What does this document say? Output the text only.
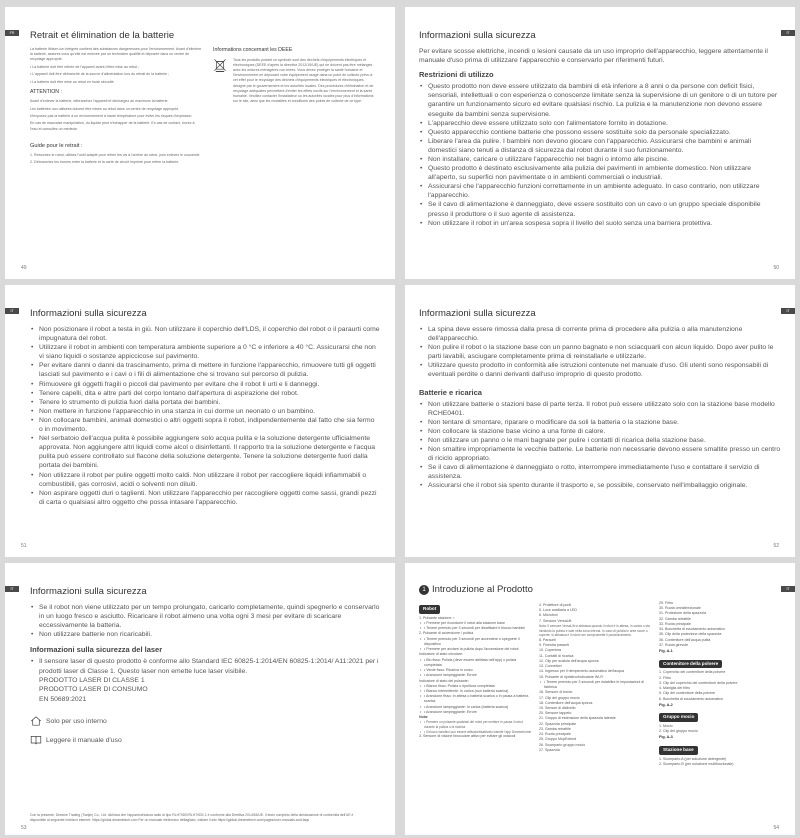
FR	Retrait et élimination de la batterie

La batterie lithium-ion intégrée contient des substances dangereuses pour l'environnement. Avant d'éliminer la batterie, assurez-vous qu'elle est enlevée par un technicien qualifié et déposée dans un centre de recyclage approprié.

• La batterie doit être retirée de l'appareil avant d'être mise au rebut ;

• L'appareil doit être débranché de la source d'alimentation lors du retrait de la batterie ;

• La batterie doit être mise au rebut en toute sécurité.

ATTENTION :

Avant d'enlever la batterie, débranchez l'appareil et déchargez au maximum la batterie.

Les batteries non utilisées doivent être mises au rebut dans un centre de recyclage approprié.

N'exposez pas la batterie à un environnement à haute température pour éviter les risques d'explosion.

En cas de mauvaise manipulation, du liquide peut s'échapper de la batterie. En cas de contact, rincez à l'eau et consultez un médecin.

Guide pour le retrait :

1. Retournez le robot, utilisez l'outil adapté pour retirer les vis à l'arrière du robot, puis enlevez le couvercle.

2. Débranchez les bornes entre la batterie et la carte de circuit imprimé pour retirer la batterie.

Informations concernant les DEEE

Tous les produits portant ce symbole sont des déchets d'équipements électriques et électroniques (DEEE d'après la directive 2012/19/UE) qui ne doivent pas être mélangés avec les ordures ménagères non triées. Vous devez protéger la santé humaine et l'environnement en déposant votre équipement usagé dans un point de collecte prévu à cet effet pour le recyclage des déchets d'équipements électriques et électroniques, désigné par le gouvernement et les autorités locales. Des procédures d'élimination et de recyclage adéquates permettent d'éviter les effets nocifs sur l'environnement et la santé humaine. Veuillez contacter l'installateur ou les autorités locales pour plus d'informations sur le site, ainsi que les modalités et conditions des points de collecte de ce type.

49
IT
Informazioni sulla sicurezza

Per evitare scosse elettriche, incendi o lesioni causate da un uso improprio dell'apparecchio, leggere attentamente il manuale d'uso prima di utilizzare l'apparecchio e conservarlo per riferimenti futuri.

Restrizioni di utilizzo
• Questo prodotto non deve essere utilizzato da bambini di età inferiore a 8 anni o da persone con deficit fisici, sensoriali, intellettuali o con esperienza o conoscenze limitate senza la supervisione di un genitore o di un tutore per garantire un funzionamento sicuro ed evitare qualsiasi rischio. La pulizia e la manutenzione non devono essere eseguite da bambini senza supervisione.
• L'apparecchio deve essere utilizzato solo con l'alimentatore fornito in dotazione.
• Questo apparecchio contiene batterie che possono essere sostituite solo da personale specializzato.
• Liberare l'area da pulire. I bambini non devono giocare con l'apparecchio. Assicurarsi che bambini e animali domestici siano tenuti a distanza di sicurezza dal robot durante il suo funzionamento.
• Non installare, caricare o utilizzare l'apparecchio nei bagni o intorno alle piscine.
• Questo prodotto è destinato esclusivamente alla pulizia dei pavimenti in ambiente domestico. Non utilizzare all'aperto, su superfici non pavimentate o in ambienti commerciali o industriali.
• Assicurarsi che l'apparecchio funzioni correttamente in un ambiente adeguato. In caso contrario, non utilizzare l'apparecchio.
• Se il cavo di alimentazione è danneggiato, deve essere sostituito con un cavo o un gruppo speciale disponibile presso il produttore o il suo agente di assistenza.
• Non utilizzare il robot in un'area sospesa sopra il livello del suolo senza una barriera protettiva.
50
IT	Informazioni sulla sicurezza
• Non posizionare il robot a testa in giù. Non utilizzare il coperchio dell'LDS, il coperchio del robot o il paraurti come impugnatura del robot.
• Utilizzare il robot in ambienti con temperatura ambiente superiore a 0 °C e inferiore a 40 °C. Assicurarsi che non vi siano liquidi o sostanze appiccicose sul pavimento.
• Per evitare danni o danni da trascinamento, prima di mettere in funzione l'apparecchio, rimuovere tutti gli oggetti lasciati sul pavimento e i cavi o i fili di alimentazione che si trovano sul percorso di pulizia.
• Rimuovere gli oggetti fragili o piccoli dal pavimento per evitare che il robot li urti e li danneggi.
• Tenere capelli, dita e altre parti del corpo lontano dall'apertura di aspirazione del robot.
• Tenere lo strumento di pulizia fuori dalla portata dei bambini.
• Non mettere in funzione l'apparecchio in una stanza in cui dorme un neonato o un bambino.
• Non collocare bambini, animali domestici o altri oggetti sopra il robot, indipendentemente dal fatto che sia fermo o in movimento.
• Nel serbatoio dell'acqua pulita è possibile aggiungere solo acqua pulita e la soluzione detergente ufficialmente approvata. Non aggiungere altri liquidi come alcol o disinfettanti. Il rapporto tra la soluzione detergente e l'acqua pulita può essere controllato sul flacone della soluzione detergente. Tenere la soluzione detergente fuori dalla portata dei bambini.
• Non utilizzare il robot per pulire oggetti molto caldi. Non utilizzare il robot per raccogliere liquidi infiammabili o combustibili, gas corrosivi, acidi o solventi non diluiti.
• Non aspirare oggetti duri o taglienti. Non utilizzare l'apparecchio per raccogliere oggetti come sassi, grandi pezzi di carta o qualsiasi altro oggetto che possa intasare l'apparecchio.
51
IT
Informazioni sulla sicurezza
• La spina deve essere rimossa dalla presa di corrente prima di procedere alla pulizia o alla manutenzione dell'apparecchio.
• Non pulire il robot o la stazione base con un panno bagnato e non sciacquarli con alcun liquido. Dopo aver pulito le parti lavabili, asciugare completamente prima di reinstallarle e utilizzarle.
• Utilizzare questo prodotto in conformità alle istruzioni contenute nel manuale d'uso. Gli utenti sono responsabili di eventuali perdite o danni derivanti dall'uso improprio di questo prodotto.
Batterie e ricarica
• Non utilizzare batterie o stazioni base di parte terza. Il robot può essere utilizzato solo con la stazione base modello RCHE0401.
• Non tentare di smontare, riparare o modificare da soli la batteria o la stazione base.
• Non collocare la stazione base vicino a una fonte di calore.
• Non utilizzare un panno o le mani bagnate per pulire i contatti di ricarica della stazione base.
• Non smaltire impropriamente le vecchie batterie. Le batterie non necessarie devono essere smaltite presso un centro di riciclo appropriato.
• Se il cavo di alimentazione è danneggiato o rotto, interrompere immediatamente l'uso e contattare il servizio di assistenza.
• Assicurarsi che il robot sia spento durante il trasporto e, se possibile, conservato nell'imballaggio originale.
52
IT	Informazioni sulla sicurezza
• Se il robot non viene utilizzato per un tempo prolungato, caricarlo completamente, quindi spegnerlo e conservarlo in un luogo fresco e asciutto. Ricaricare il robot almeno una volta ogni 3 mesi per evitare di scaricare eccessivamente la batteria.
• Non utilizzare batterie non ricaricabili.
Informazioni sulla sicurezza del laser
• Il sensore laser di questo prodotto è conforme allo Standard IEC 60825-1:2014/EN 60825-1:2014/ A11:2021 per i prodotti laser di Classe 1. Questo laser non emette luce laser visibile.
PRODOTTO LASER DI CLASSE 1
PRODOTTO LASER DI CONSUMO
EN 50689:2021
Solo per uso interno
Leggere il manuale d'uso
Con la presente, Dreame Trading (Tianjin) Co., Ltd. dichiara che l'apparecchiatura radio di tipo RLH70DE/RLH70DE-1 è conforme alla Direttiva 2014/53/UE. Il testo completo della dichiarazione di conformità dell'UE è disponibile al seguente indirizzo internet: https://global.dreametech.com Per un manuale elettronico dettagliato, visitare il sito https://global.dreametech.com/pages/user-manuals-and-faqs
53
IT
1 Introduzione al Prodotto
Robot
1. Pulsante stazione ⌂
• • Premere per ricondurre il robot alla stazione base
• • Tenere premuto per 3 secondi per disattivare il blocco bambini
2. Pulsante di accensione / pulizia
• • Tenere premuto per 3 secondi per accendere o spegnere il dispositivo
• • Premere per avviare la pulizia dopo l'accensione del robot
Indicatore di stato circolare:
• • Blu fisso: Pulizia (deve essere abilitata nell'app) o pulizia completata
• • Verde fisso: Ricarica in corso
• • Arancione lampeggiante: Errore
Indicatore di stato del pulsante:
• • Bianco fisso: Pulizia o ripulitura completata
• • Bianco intermittente: In carica (non batteria scarica)
• • Arancione fisso: In attesa o batteria scarica o in pausa a batteria scarica
• • Arancione lampeggiante: In carica (batteria scarica)
• • Arancione lampeggiante: Errore
Nota:
• • Premere un pulsante qualsiasi del robot per mettere in pausa il robot durante la pulizia o la ricarica
• • Il blocco bambini può essere attivato/disattivato tramite l'app Dreamehome
3. Sensore di visione binoculare attivo per evitare gli ostacoli
4. Proiettore di punti
5. Luce ausiliaria a LED
6. Microfoni
7. Sensore VersaLift
Nota: Il sensore VersaLift si abbassa quando il robot è in attesa, in carica o sta iniziando la pulizia e sale nella zona interna. In caso di pulizia in aree scure o coperte, si abbassa e il robot non compromette il posizionamento.
8. Paraurti
9. Finestra paraurti
10. Copertura
11. Contatti di ricarica
12. Clip per scatola dell'acqua sporca
13. Connettori
14. Ingresso per il riempimento automatico dell'acqua
15. Pulsante di ripristino/indicatore Wi-Fi
• • Tenere premuto per 3 secondi per ristabilire le impostazioni di fabbrica
16. Sensore di bordo
17. Clip del gruppo mocio
18. Contenitore dell'acqua sporca
19. Sensori di dislivello
20. Sensore tappeto
21. Gruppo di estensione della spazzola laterale
22. Spazzola principale
23. Gamba retrattile
24. Ruota principale
25. Gruppo MopExtend
26. Scomparto gruppo mocio
27. Spazzola
29. Filtro
30. Ruota omnidirezionale
31. Protezione della spazzola
32. Gamba retrattile
33. Ruota principale
34. Bocchetta di svuotamento automatico
35. Clip della protezione della spazzola
36. Contenitore dell'acqua pulita
37. Ruota girevole
Fig. A-1
Contenitore della polvere
1. Coperchio del contenitore della polvere
2. Filtro
3. Clip del coperchio del contenitore della polvere
4. Maniglia del filtro
5. Clip del contenitore della polvere
6. Bocchetta di svuotamento automatico
Fig. A-2
Gruppo mocio
1. Mocio
2. Clip del gruppo mocio
Fig. A-3
Stazione base
1. Scomparto A (per soluzione detergente)
2. Scomparto B (per soluzione multifunzionale)
54
